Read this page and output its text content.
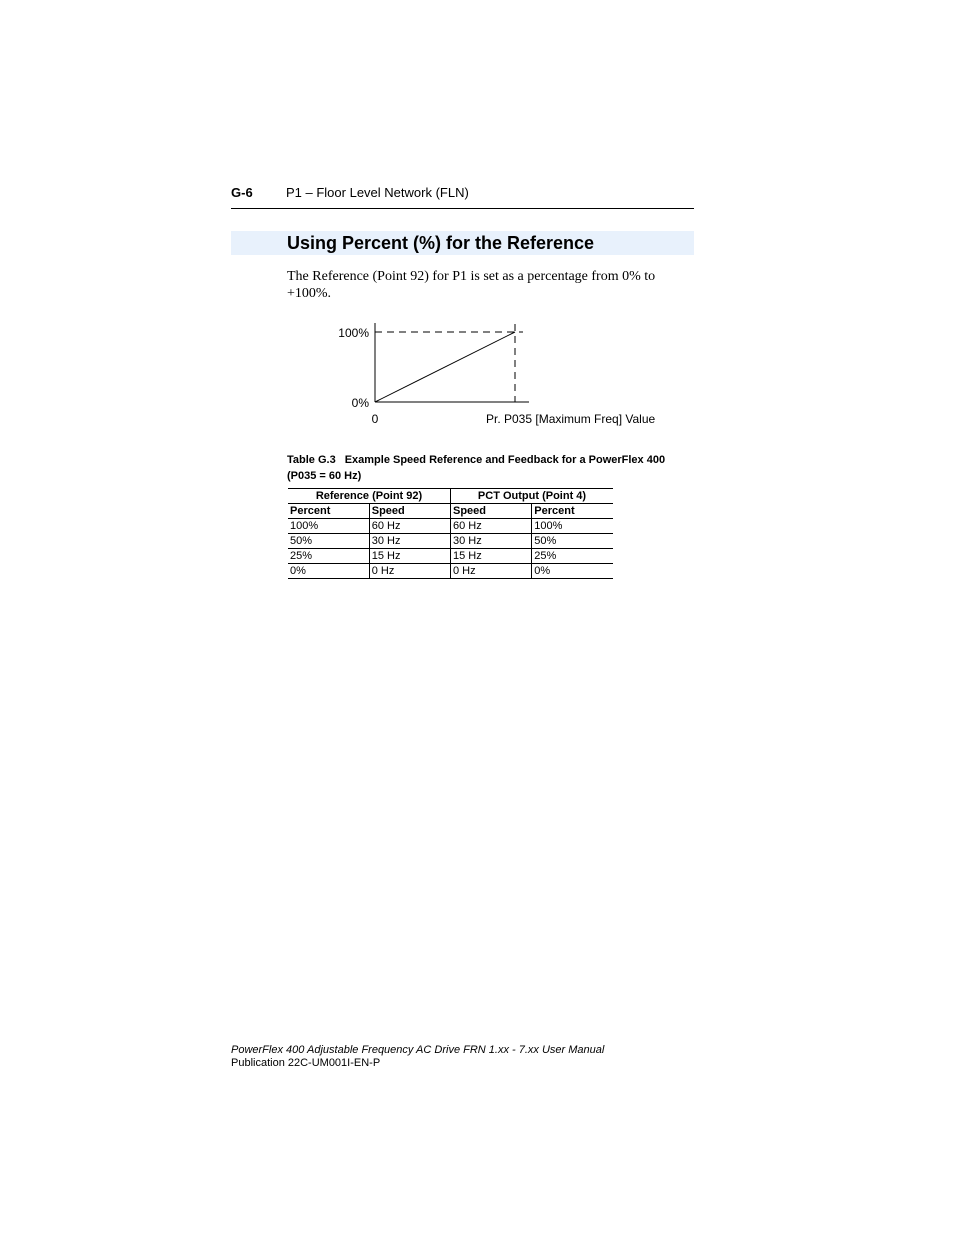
G-6	P1 – Floor Level Network (FLN)
Using Percent (%) for the Reference
The Reference (Point 92) for P1 is set as a percentage from 0% to +100%.
0%
100%
0	Pr. P035 [Maximum Freq] Value
Table G.3 Example Speed Reference and Feedback for a PowerFlex 400 (P035 = 60 Hz)
Reference (Point 92)		PCT Output (Point 4)	
Percent	Speed	Speed	Percent
100%	60 Hz	60 Hz	100%
50%	30 Hz	30 Hz	50%
25%	15 Hz	15 Hz	25%
0%	0 Hz	0 Hz	0%
PowerFlex 400 Adjustable Frequency AC Drive FRN 1.xx - 7.xx User Manual
Publication 22C-UM001I-EN-P
